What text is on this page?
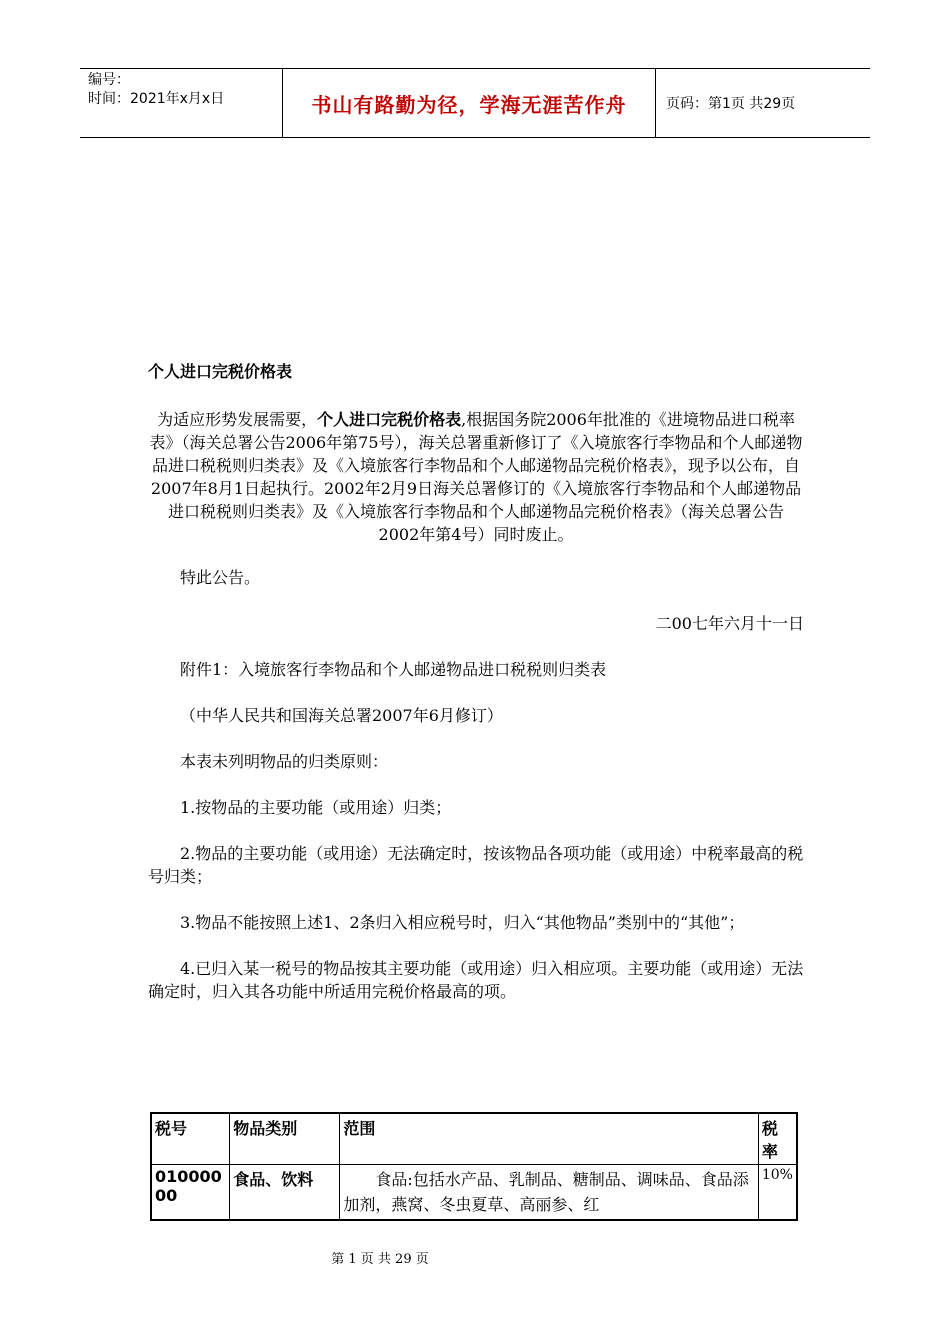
编号：
时间：2021年x月x日	书山有路勤为径，学海无涯苦作舟	页码：第1页 共29页
个人进口完税价格表

为适应形势发展需要，个人进口完税价格表,根据国务院2006年批准的《进境物品进口税率表》（海关总署公告2006年第75号），海关总署重新修订了《入境旅客行李物品和个人邮递物品进口税税则归类表》及《入境旅客行李物品和个人邮递物品完税价格表》，现予以公布，自2007年8月1日起执行。2002年2月9日海关总署修订的《入境旅客行李物品和个人邮递物品进口税税则归类表》及《入境旅客行李物品和个人邮递物品完税价格表》（海关总署公告2002年第4号）同时废止。

特此公告。

二00七年六月十一日

附件1：入境旅客行李物品和个人邮递物品进口税税则归类表

（中华人民共和国海关总署2007年6月修订）

本表未列明物品的归类原则：

1.按物品的主要功能（或用途）归类；

2.物品的主要功能（或用途）无法确定时，按该物品各项功能（或用途）中税率最高的税号归类；

3.物品不能按照上述1、2条归入相应税号时，归入“其他物品”类别中的“其他”；

4.已归入某一税号的物品按其主要功能（或用途）归入相应项。主要功能（或用途）无法确定时，归入其各功能中所适用完税价格最高的项。

税号	物品类别	范围	税率
01000000	食品、饮料	食品:包括水产品、乳制品、糖制品、调味品、食品添加剂，燕窝、冬虫夏草、高丽参、红	10%
第 1 页 共 29 页
